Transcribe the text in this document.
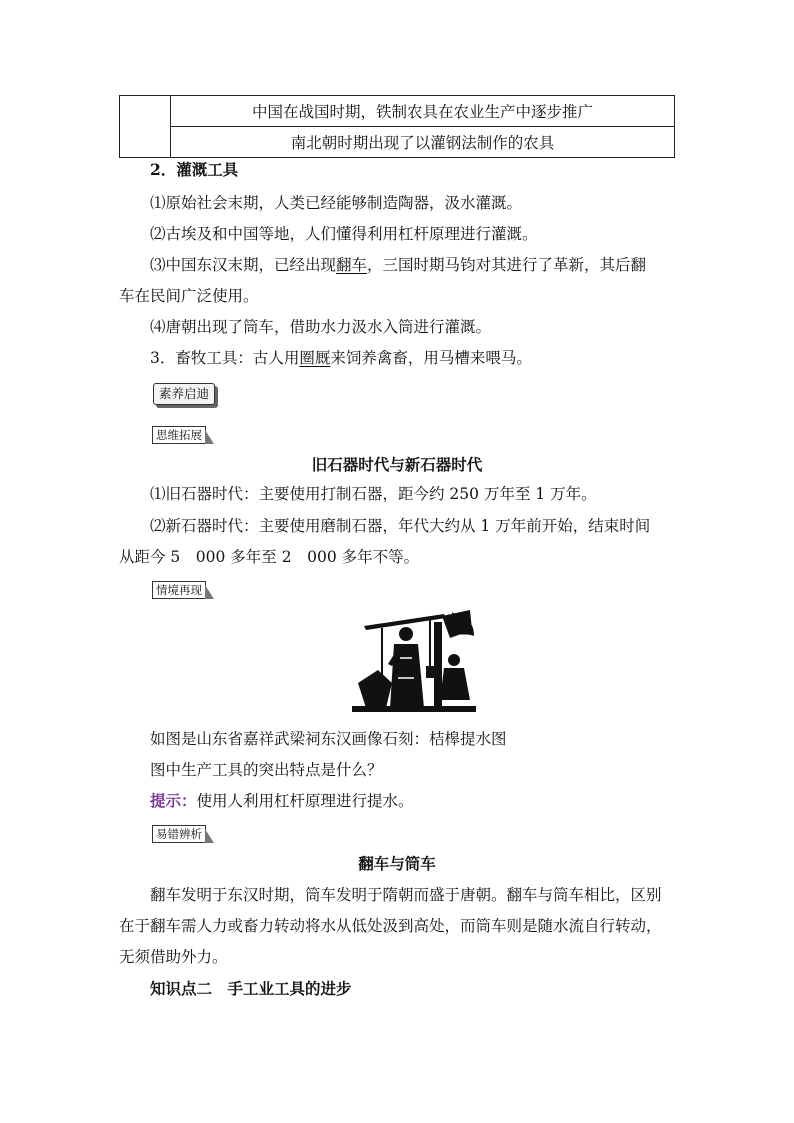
	中国在战国时期，铁制农具在农业生产中逐步推广
南北朝时期出现了以灌钢法制作的农具
2．灌溉工具
⑴原始社会末期，人类已经能够制造陶器，汲水灌溉。
⑵古埃及和中国等地，人们懂得利用杠杆原理进行灌溉。
⑶中国东汉末期，已经出现翻车，三国时期马钧对其进行了革新，其后翻
车在民间广泛使用。
⑷唐朝出现了筒车，借助水力汲水入筒进行灌溉。
3．畜牧工具：古人用圈厩来饲养禽畜，用马槽来喂马。
素养启迪
思维拓展
旧石器时代与新石器时代
⑴旧石器时代：主要使用打制石器，距今约 250 万年至 1 万年。
⑵新石器时代：主要使用磨制石器，年代大约从 1 万年前开始，结束时间
从距今 5　000 多年至 2　000 多年不等。
情境再现
如图是山东省嘉祥武梁祠东汉画像石刻：桔槔提水图
图中生产工具的突出特点是什么？
提示：使用人利用杠杆原理进行提水。
易错辨析
翻车与筒车
翻车发明于东汉时期，筒车发明于隋朝而盛于唐朝。翻车与筒车相比，区别
在于翻车需人力或畜力转动将水从低处汲到高处，而筒车则是随水流自行转动，
无须借助外力。
知识点二　手工业工具的进步
